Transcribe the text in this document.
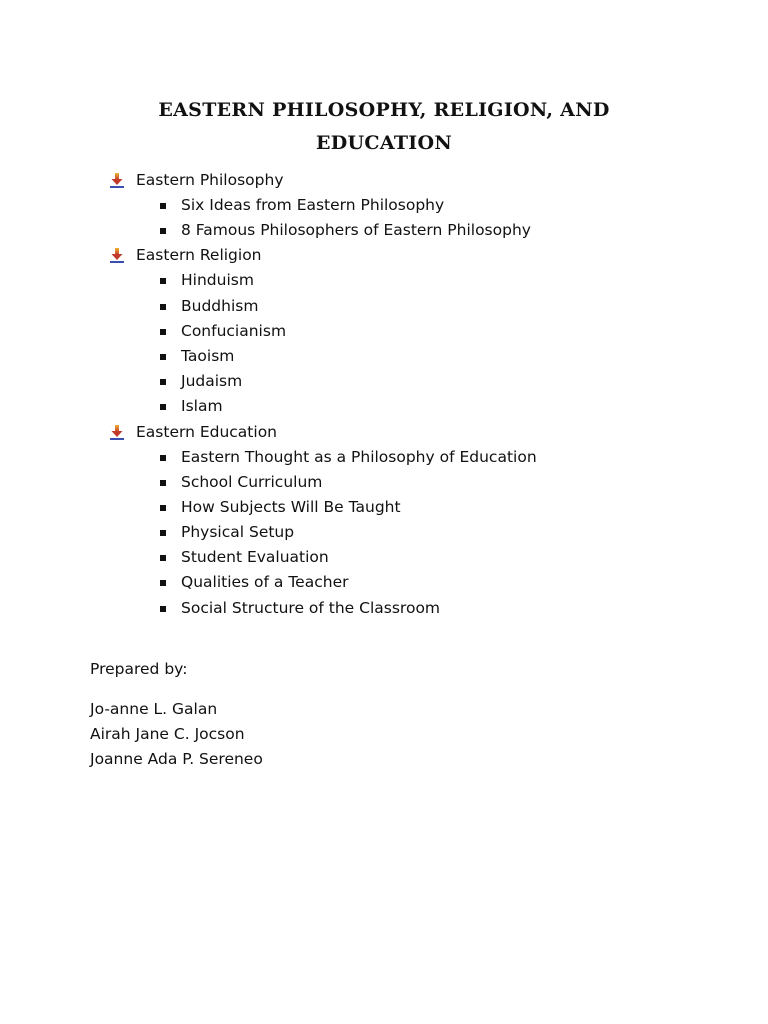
EASTERN PHILOSOPHY, RELIGION, AND
EDUCATION
Eastern Philosophy
Six Ideas from Eastern Philosophy
8 Famous Philosophers of Eastern Philosophy
Eastern Religion
Hinduism
Buddhism
Confucianism
Taoism
Judaism
Islam
Eastern Education
Eastern Thought as a Philosophy of Education
School Curriculum
How Subjects Will Be Taught
Physical Setup
Student Evaluation
Qualities of a Teacher
Social Structure of the Classroom

Prepared by:

Jo-anne L. Galan
Airah Jane C. Jocson
Joanne Ada P. Sereneo
